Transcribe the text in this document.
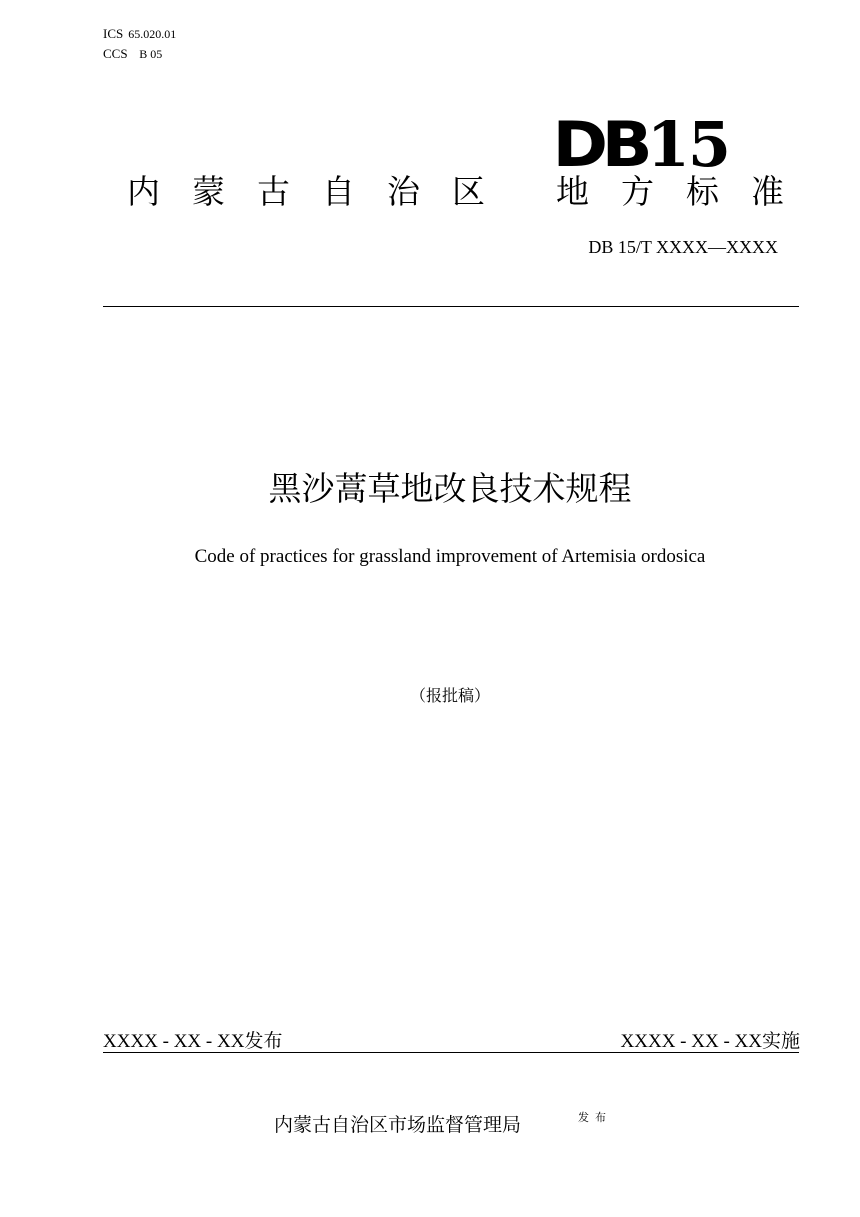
ICS 65.020.01
CCS B 05
DB15
内蒙古自治区 地方标准
DB 15/T XXXX—XXXX
黑沙蒿草地改良技术规程
Code of practices for grassland improvement of Artemisia ordosica
（报批稿）
XXXX - XX - XX发布	XXXX - XX - XX实施
内蒙古自治区市场监督管理局	发布
